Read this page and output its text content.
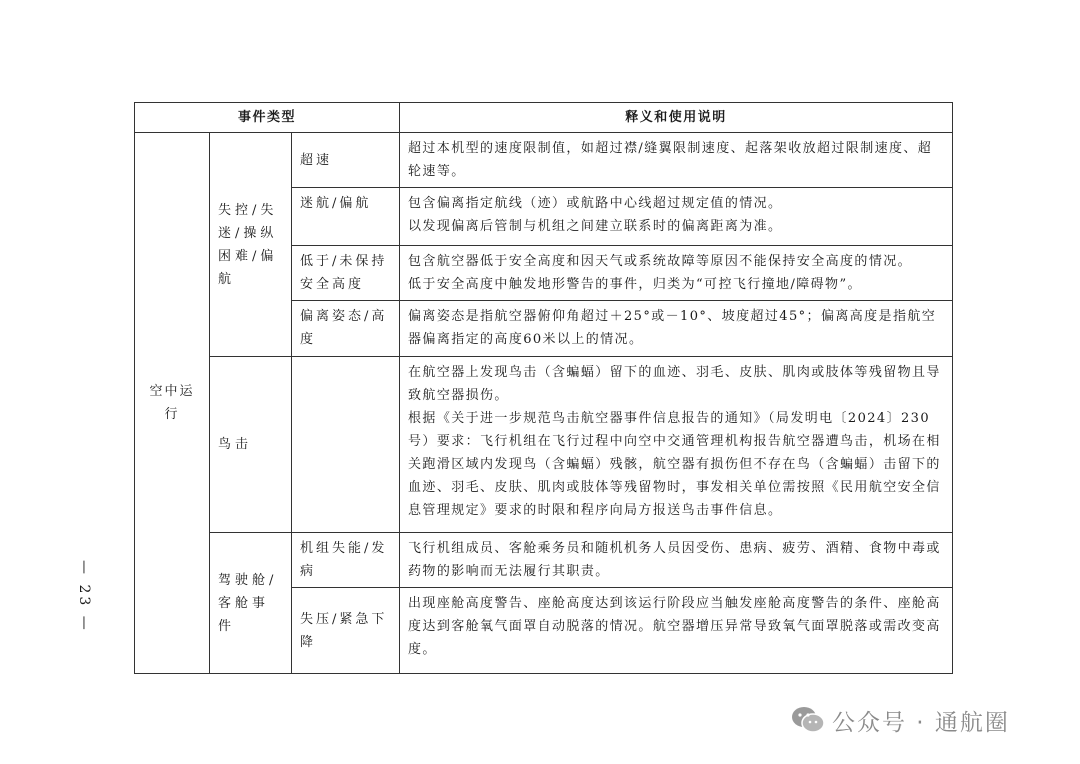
事件类型			释义和使用说明
空中运行	失控/失迷/操纵困难/偏航	超速	超过本机型的速度限制值，如超过襟/缝翼限制速度、起落架收放超过限制速度、超轮速等。

		迷航/偏航	包含偏离指定航线（迹）或航路中心线超过规定值的情况。
以发现偏离后管制与机组之间建立联系时的偏离距离为准。

		低于/未保持安全高度	包含航空器低于安全高度和因天气或系统故障等原因不能保持安全高度的情况。
低于安全高度中触发地形警告的事件，归类为“可控飞行撞地/障碍物”。

		偏离姿态/高度	偏离姿态是指航空器俯仰角超过＋25°或－10°、坡度超过45°；偏离高度是指航空器偏离指定的高度60米以上的情况。

	鸟击		在航空器上发现鸟击（含蝙蝠）留下的血迹、羽毛、皮肤、肌肉或肢体等残留物且导致航空器损伤。
根据《关于进一步规范鸟击航空器事件信息报告的通知》（局发明电〔2024〕230号）要求：飞行机组在飞行过程中向空中交通管理机构报告航空器遭鸟击，机场在相关跑滑区域内发现鸟（含蝙蝠）残骸，航空器有损伤但不存在鸟（含蝙蝠）击留下的血迹、羽毛、皮肤、肌肉或肢体等残留物时，事发相关单位需按照《民用航空安全信息管理规定》要求的时限和程序向局方报送鸟击事件信息。

	驾驶舱/客舱事件	机组失能/发病	飞行机组成员、客舱乘务员和随机机务人员因受伤、患病、疲劳、酒精、食物中毒或药物的影响而无法履行其职责。

		失压/紧急下降	出现座舱高度警告、座舱高度达到该运行阶段应当触发座舱高度警告的条件、座舱高度达到客舱氧气面罩自动脱落的情况。航空器增压异常导致氧气面罩脱落或需改变高度。
— 23 —
公众号 · 通航圈
